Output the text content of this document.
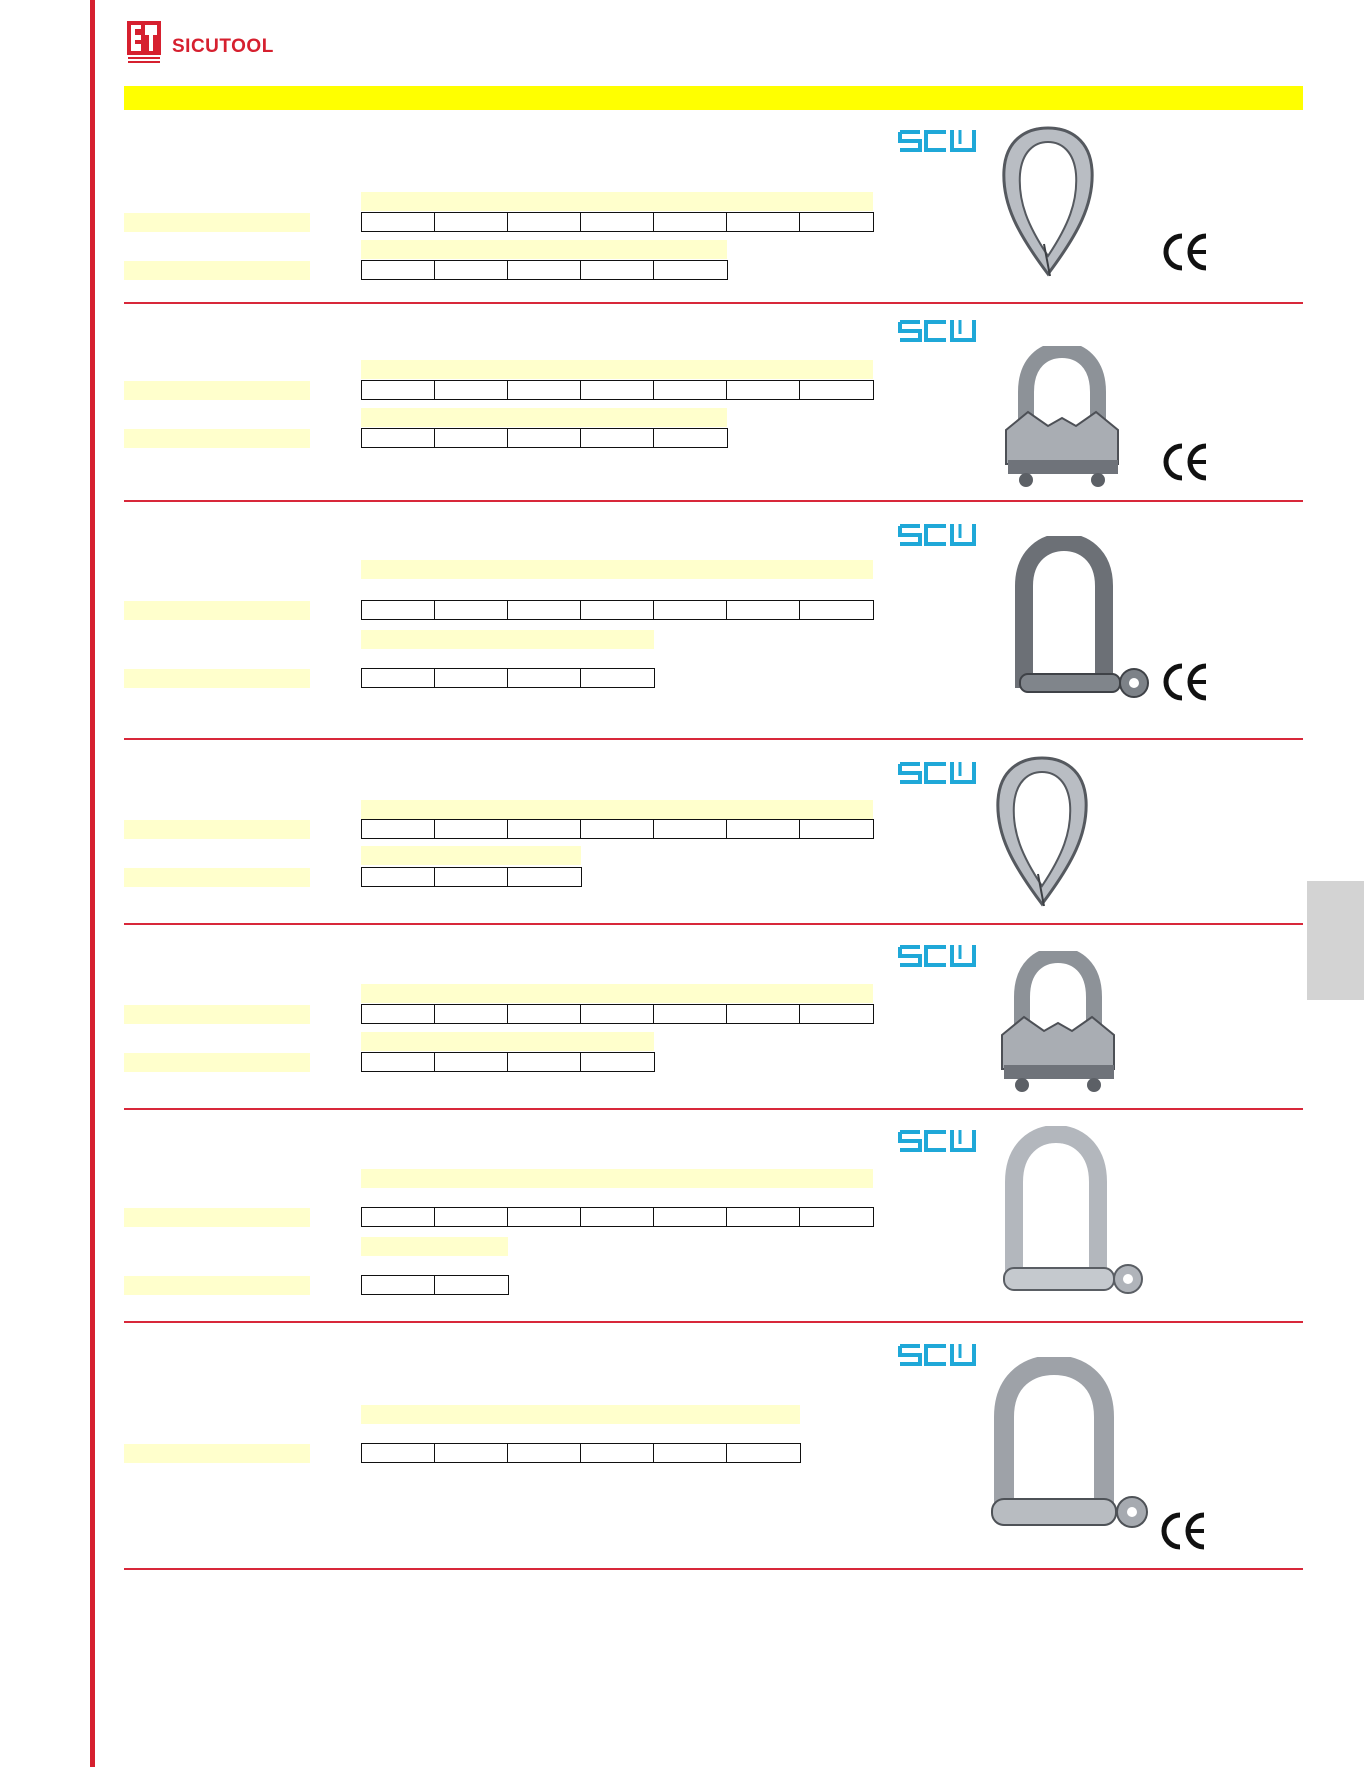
SICUTOOL
